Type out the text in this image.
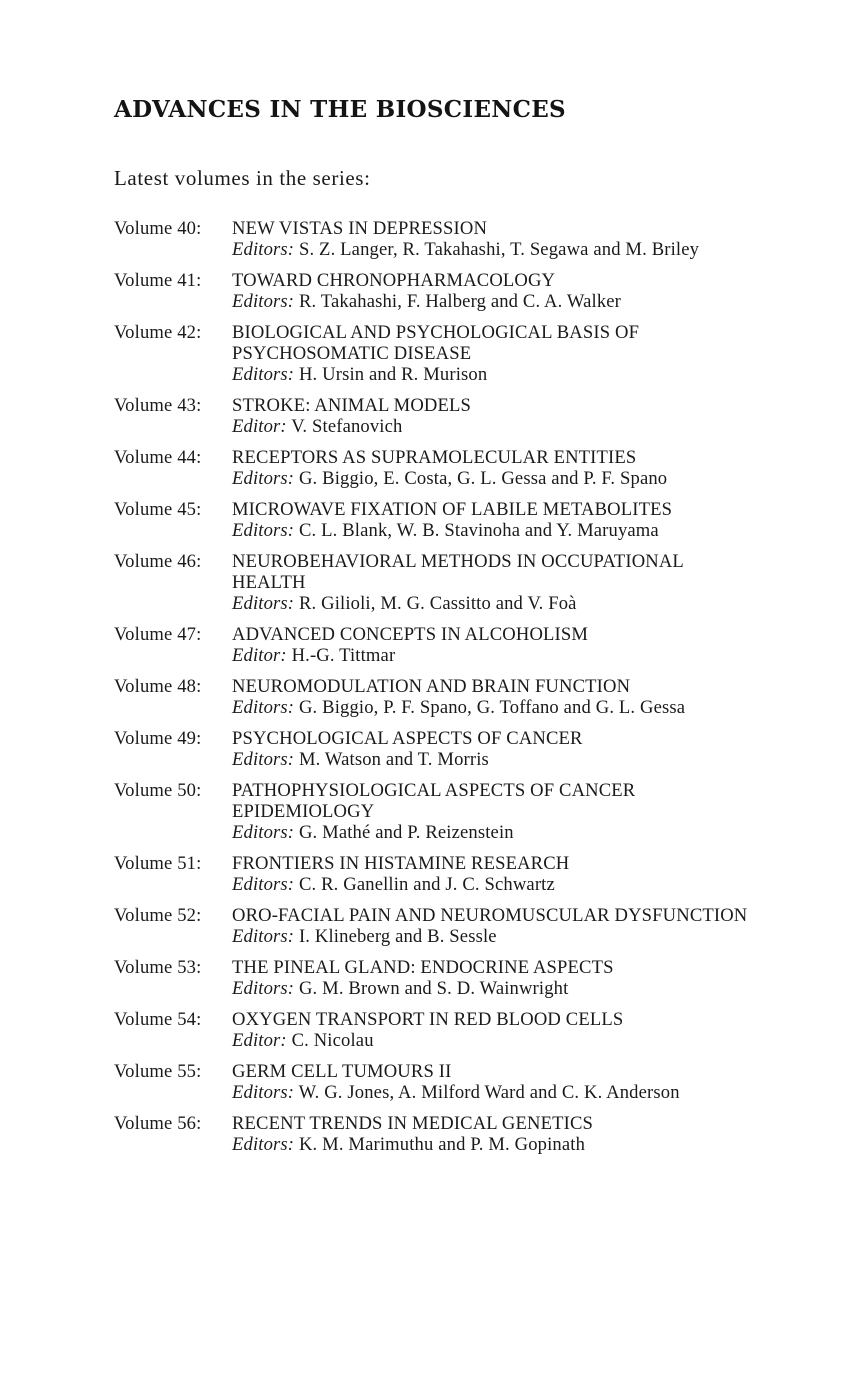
ADVANCES IN THE BIOSCIENCES

Latest volumes in the series:

Volume 40:	NEW VISTAS IN DEPRESSION
Editors: S. Z. Langer, R. Takahashi, T. Segawa and M. Briley
Volume 41:	TOWARD CHRONOPHARMACOLOGY
Editors: R. Takahashi, F. Halberg and C. A. Walker
Volume 42:	BIOLOGICAL AND PSYCHOLOGICAL BASIS OF
PSYCHOSOMATIC DISEASE
Editors: H. Ursin and R. Murison
Volume 43:	STROKE: ANIMAL MODELS
Editor: V. Stefanovich
Volume 44:	RECEPTORS AS SUPRAMOLECULAR ENTITIES
Editors: G. Biggio, E. Costa, G. L. Gessa and P. F. Spano
Volume 45:	MICROWAVE FIXATION OF LABILE METABOLITES
Editors: C. L. Blank, W. B. Stavinoha and Y. Maruyama
Volume 46:	NEUROBEHAVIORAL METHODS IN OCCUPATIONAL
HEALTH
Editors: R. Gilioli, M. G. Cassitto and V. Foà
Volume 47:	ADVANCED CONCEPTS IN ALCOHOLISM
Editor: H.-G. Tittmar
Volume 48:	NEUROMODULATION AND BRAIN FUNCTION
Editors: G. Biggio, P. F. Spano, G. Toffano and G. L. Gessa
Volume 49:	PSYCHOLOGICAL ASPECTS OF CANCER
Editors: M. Watson and T. Morris
Volume 50:	PATHOPHYSIOLOGICAL ASPECTS OF CANCER
EPIDEMIOLOGY
Editors: G. Mathé and P. Reizenstein
Volume 51:	FRONTIERS IN HISTAMINE RESEARCH
Editors: C. R. Ganellin and J. C. Schwartz
Volume 52:	ORO-FACIAL PAIN AND NEUROMUSCULAR DYSFUNCTION
Editors: I. Klineberg and B. Sessle
Volume 53:	THE PINEAL GLAND: ENDOCRINE ASPECTS
Editors: G. M. Brown and S. D. Wainwright
Volume 54:	OXYGEN TRANSPORT IN RED BLOOD CELLS
Editor: C. Nicolau
Volume 55:	GERM CELL TUMOURS II
Editors: W. G. Jones, A. Milford Ward and C. K. Anderson
Volume 56:	RECENT TRENDS IN MEDICAL GENETICS
Editors: K. M. Marimuthu and P. M. Gopinath
